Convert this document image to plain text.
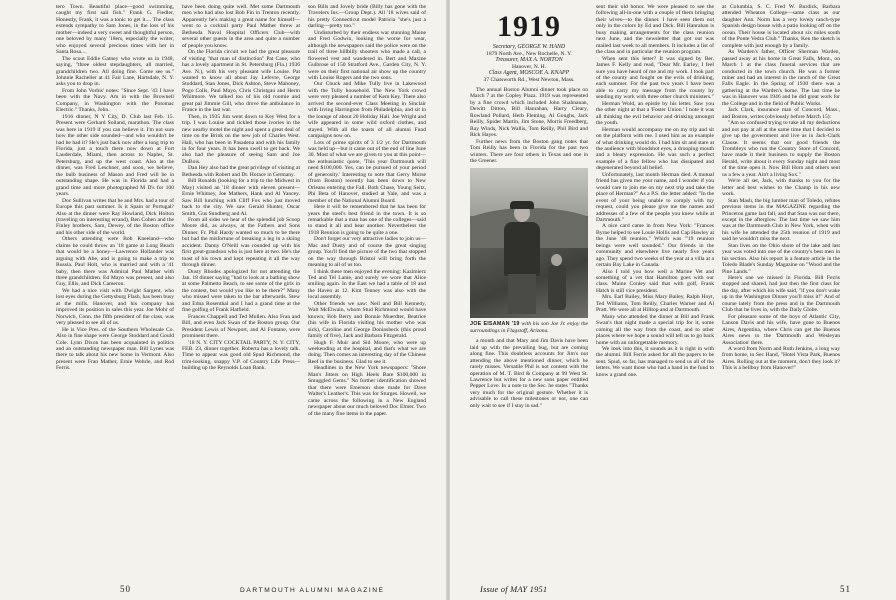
tero Town. Beautiful place—good swimming, caught my first sail fish." Frank G. Fiedler, Honestly, Frank, it was a tonic to get it.... The class extends sympathy to Sam Jones, in the loss of his mother—indeed a very sweet and thoughtful person, one beloved by many '18ers, especially the writer, who enjoyed several precious times with her in Santa Rosa....

The scout Eddie Gatney who wrote us in 1948, saying, "three oldest stepdaughters, all married, grandchildren two. All doing fine. Come see us." Johnnie Rachelier at 41 Fair Lane, Hartsdale, N. Y. asks you to drop in.

From John Vorhis' notes: "Since Sept. '43 I have been with the Navy. Am in with the Brownell Company, in Washington with the Potomac Electric." Thanks, John.

1916 dinner, N Y City, D. Club last Feb. 15. Present were Gerhard Soiland, marathon. The class was here in 1919 if you can believe it. I'm not sure how the other side sounded—and who wouldn't be had he had it? He's just back now after a long trip to Florida, just a touch there now down at Fort Lauderdale, Miami, then across to Naples, St. Petersburg, and up the west coast. Also at the dinner, was Fred Leschner, and soon, we believe, the bulb business of Mason and Fred will be in outstanding shape. He was in Florida and had a grand time and more photographed M D's for 100 years.

Doc Sullivan writes that he and Mrs. had a tour of Europe this past summer. Is it Spain or Portugal? Also at the dinner were Ray Howland, Dick Holton (traveling on interesting errand), Ben Cohen and the Finley brothers, Sam, Dewey, of the Boston office and his other side of the world.

Others attending were Bob Kneeland—who claims he could throw an '18 game at Long Beach that would be a honey—Lawrence Hollander was arguing with Abe, and is going to make a trip to Russia. Paul Holt, who is married and with a '41 baby, then there was Admiral Paul Mather with three grandchildren. Ed Mayo was present, and also Guy, Ellis, and Dick Cameron.

We had a nice visit with Dwight Sargent, who lost eyes during the Gettysburg Flash, has been busy at the mills. Hanover, and his company has improved its position in sales this year. Joe Mohr of Norwich, Conn. the fifth president of the class, was very pleased to see all of us.

He is Vice Pres. of the Southern Wholesale Co. Also in fine shape were George Stoddard and Gould Cole. Lynn Dixon has been acquainted in politics and an outstanding newspaper man. Bill Lynes was there to talk about his new home in Vermont. Also present were Fran Mather, Ernie Wehrle, and Rod Ferris.

have been doing quite well. Met some Dartmouth men who had also lost Bob Fin in Trenton recently. Apparently he's making a great name for himself—went to a cocktail party Paul Mather threw at Bethesda Naval Hospital Officers Club—with several other guests in the area and quite a number of people you know.

On the Florida circuit we had the great pleasure of visiting "that man of distinction" Pat Cane, who has a lovely apartment in St. Petersburg (Fla.) 1936 Ave. N.), with his very pleasant wife Louise. Pat wanted to know all about Jay Lefevre, George Stoddard, Stan Jones, Dick Ashton, Steve Mahoney, Pogo Colls, Paul Mayo, Chris Christgau and Herm Whitmore. We talked too of his old roomie and great pal Jimmie Gill, who drove the ambulance in France in the last war.

Then, in 1935 Jim went down to Key West for a trip. I was Louise and tickled those ivories in the new nearby motel the night and spent a great deal of time on the Brink on the new job of Charles West. Hall, who has been in Pasadena and with his family in for four years. It has been swell to get back. We also had the pleasure of seeing Sam and Joe DuBois.

Dan Hey also had the great privilege of visiting at Bethesda with Robert and Dr. Horace in Germany.

Bill Ronalds (looking for a trip to the Midwest in May) visited an '18 dinner with eleven present—Ernie Whitney, Joe Mathers, Hank and Al Yancey. Saw Bill lunching with Cliff Fox who just moved back to the city. We saw Gerald Hunter, Oscar Smith, Gus Sundberg and Al.

From all sides we hear of the splendid job Scoop Moore did, as always, at the Fathers and Sons Dinner. Fr. Phil Hardy wanted so much to be there but had the misfortune of breaking a leg in a skiing accident. Danny O'Neill was rounded up with his first great-grandson who is just here at two. He's the toast of his town and kept repeating it all the way through dinner.

Dusty Rhodes apologized for not attending the Jan. 18 dinner saying "had to look at a bathing show at some Palmetto Beach, to see some of the girls in the contest, but would you like to be there?" Many who missed were taken to the bar afterwards. Stew and Edna Rosenthal and I had a grand time at the fine golfing of Frank Hatfield.

Frances Chappell and Ted Mullen. Also Fran and Bill, and even Jack Swan of the Boston group. Our President Lewis of Newport, and Al Fontane, were prominent there.

'18 N. Y. CITY COCKTAIL PARTY, N. Y. CITY, FEB. 23, dinner together. Roberta has a lovely talk. Time to appear was good old Spud Richmond, the trim-looking, snappy V.P. of Country Life Press—building up the Reynolds Loan Bank.

son Bills and Jovely bride (Billy has gone with the Travelers Ins.—Group Dept.). All '18 wives said of his pretty Connecticut model Patricia "she's just a darling—pretty too."

Undisturbed by their endless war stunning Maine and Fred Godwin, looking the worse for wear, although the newspapers said the police were on the trail of three hillbilly shooters who made a call, a flowered vest and wandered in. Bert and Maxine Gulbrose of 150 Stratford Ave., Garden City, N. Y. were on their first national air show up the country with Louise Rogers and the two sons.

Our Chuck and Mike Tully live in Lakewood with the Tully household. The New York crowd were very pleased a number of Kem Key. There also arrived the second-ever Class Meeting in Sinclair with Irving Harrington from Philadelphia, and sit in the lounge of about 20 Holiday Hall. Joe Wright and wife appeared in some wild oxford clothes, and stayed. With all the toasts of all alumni Fund campaigns now on.

Lots of prime spirits of 3 1/2 yr. for Dartmouth was held up—but it came out of the end of line June 30. Most of what we are given to you at this point—the enthusiastic quote, 'This year Dartmouth will need $100,000. Yes, can be pursued of your period of generosity.' Interesting to note that Gerry Morse (from Boston) recently has been down to New Orleans entering the Fall. Both Chase, Young Seitz, Phi Beta of Hanover, studied at Yale, and was a member of the National Alumni Board.

Here it will be remembered that he has been for years the steel's best friend in the town. It is so remarkable that a man has one of the colleges—said to stand it all and hear another. Nevertheless the 1918 Reunion is going to be quite a one.

Don't forget our very attractive ladies to join us—Mac and Dusty and of course the great singing group. You'll find the picture of the two that stopped on the way through Bristol will bring forth the meaning to all of us too.

I think these men enjoyed the evening: Kazimierz Ted and Tel Lanie, and surely we wore that Alice smiling again. In the East we had a table of 18 and the Haven at 12. Kim Tenney was also with the local assembly.

Other friends we saw: Neil and Bill Kennedy, Walt McElwain, whom Stud Richmond would have known; Bob Berry and Bonnie Muerdter, Beatrice (his wife in Florida visiting his mother who was sick), Caroline and George Doninsbeck (this proud family of five), Jack and Barbara Fitzgerald.

Hugh F. Muir and Sid Moore, who were up weekending at the hospital, and that's what we are doing. Then comes an interesting day of the Chinese Reef in the business. Glad to see it.

Headlines in the New York newspapers: "Shore Man's Jitters on High Heels Bare $100,000 in Smuggled Gems." No further identification showed that there were Emerson shoe made for Dave Walter's Leather's. This was for Sturges. Howell, we came across the following in a New England newspaper about our much beloved Doc Elmer. Two of the many fine items in the paper.

50	DARTMOUTH ALUMNI MAGAZINE
1919
Secretary, GEORGE W. HAND
1879 North Ave., New Rochelle, N. Y.
Treasurer, MAX A. NORTON
Hanover, N. H.
Class Agent, MOSCOE A. KNAPP
37 Chatsworth Rd., West Newton, Mass.

The annual Boston Alumni dinner took place on March 7 at the Copley Plaza. 1919 was represented by a fine crowd which included John Shahnanan, Dewitt Ditton, Bill Hanrahan, Harry Cleary, Rowland Pollard, Herb Fleming, Al Goughs, Jack Reilly, Spider Martin, Jim Stone, Morris Freedberg, Ray Winds, Nick Wallis, Tom Reilly, Phil Bird and Rick Hayes.

Further news from the Boston gang notes that Tom Reilly has been in Florida for the past two winters. There are four others in Texas and one in the Greener.

JOE EISAMAN '19 with his son Joe Jr. enjoy the surroundings in Flagstaff, Arizona.

a month and that Mary and Jim Davis have been laid up with the prevailing bug, but are coming along fine. This doubtless accounts for Jim's not attending the above mentioned dinner, which he rarely misses. Versatile Phil is not content with the operation of M. T. Bird & Company at 99 West St. Lawrence but writes for a new sons paper entitled Pepper Love. In a note to the Sec. he states "Thanks very much for the original gesture. Whether it is advisable to call these milestones or not, one can only wait to see if I stay in sad."

sent their old honor. We were pleased to see the following all-in-one with a couple of them bringing their wives—to the dinner. I have seen them not only in the colors by Ed and Dick. Bill Hanrahan is busy making arrangements for the class reunion next June, and the newsletter that got out was mailed last week to all members. It includes a list of the class and in particular the reunion program.

When sent this letter? It was signed by Ber. James F. Kelly and read, "Dear Mr. Earley, I feel sure you have heard of me and my work. I took part of the county and fought on the evils of drinking, each summer. For the past two years I have been able to carry my message from the county by sending my work with three other church ministers."

Herman Wold, an epistle by his letter. Saw you the other night at that a 'Foster Union.' I note it was all thinking the evil behavior and drinking amongst the youth.

Herman would accompany me on my trip and sit on the platform with me. I used him as an example of what drinking would do. I had him sit and stare at the audience with bloodshot eyes, a drooping mouth and a bleary expression. He was such a perfect example of a fine fellow who has dissipated and degenerated beyond all belief.

Unfortunately, last month Herman died. A mutual friend has given me your name, and I wonder if you would care to join me on my next trip and take the place of Herman?" As a P.S. the letter added: "In the event of your being unable to comply with my request, could you please give me the names and addresses of a few of the people you knew while at Dartmouth."

A nice card came in from New York: "Frances Byrne helped to see Louie Hollis and Cap Hawley at the June '48 reunion." Which was "'19 reunion beings were well sounded." Our friends in the community and elsewhere live nearly five years ago. They spend two weeks of the year at a villa at a certain Bay Lake in Canada.

Also I told you how well a Marine Vet and something of a vet that Hamilton goes with our class. Maine Conley said that with golf, Frank Hatch is still vice president.

Mrs. Earl Bailey, Miss Mary Bailey, Ralph Hoyt, Ted Williams, Tom Reilly, Charles Warner and Al Pratt. We were all at Hilltop and at Dartmouth.

Many who attended the dinner at Bill and Frank Swan's that night made a special trip for it, some coming all the way from the coast, and to other places where we hope a sound will tell us to go back home with an unforgettable memory.

We look into this, it sounds as it is right in with the alumni. Bill Ferris asked for all the papers to be sent. Spud, so far, has managed to send us all of the letters. We want those who had a hand in the fund to know a grand one.

at Columbia, S. C. Fred W. Burdick, Barbara attended Wheaton College—same class as our daughter Ann. Norm has a very lovely ranch-type Spanish design house with a patio looking off on the ocean. Their house is located about six miles south of the Ponte Vedra Club." Thanks, Ken the sketch is complete with just enough by a family.

As Warden's father, Officer Sherman Warden, passed away at his home in Great Falls, Mont., on March 1 at the class funeral services that are conducted in the town church. He was a former miner and had an interest in the ranch of the Great Falls Eagle. In the Spring of 1930 there was a gathering at the Warden's home. The last time he was in Hanover was 1946 and he did great work for the College and in the field of Public Works.

Jack Clark, insurance man of Concord, Mass., and Boston, writes (obviously before March 15):

"Am so confused trying to take all my deductions and not pay at all at the same time that I decided to give up the government and live as in Jack-Clark Clause. It seems that our good friends the Trombleys who run the Country Store of Concord, have made it their business to supply the Boston Herald, write about it every Sunday night and most of the time open it. Now Bill Horn and others sent us a few a year. Ain't a living Sox."

We're all set, Jack, with thanks to you for the letter and best wishes to the Champ in his new work.

Stan Mash, the big lumber man of Toledo, refutes previous items in the MAGAZINE regarding the Princeton game last fall, and that Stan was not there, except in the afterglow. The last time we saw him was at the Dartmouth Club in New York, when with his wife he attended the 25th reunion of 1919 and said he wouldn't miss the next.

Stan lives on the Ohio shore of the lake and last year was voted into one of the country's best men in his section. Also his report is a feature article in the Toledo Blade's Sunday Magazine on "Wood and the Pine Lands."

Here's one we missed in Florida. Bill Ferris stopped and shared, had just then the first class for the day, after which his wife said, "if you don't wake up in the Washington Dinner you'll miss it!" And of course lately from the press and in the Dartmouth Club that he lives in, with the Daily Globe.

For pleasure some of the boys of Atlantic City, Lanson Davis and his wife, have gone to Buenos Aires, Argentina, where Chris can get the Buenos Aires news to the 'Dartmouth and Wesleyan Association' there.

A word from Norm and Ruth Jenkins, a long way from home, to Sec Hand, "Hotel Vista Park, Buenos Aires. Rolling out at the moment, don't they look it? This is a bellboy from Hanover!"

Issue of MAY 1951	51
